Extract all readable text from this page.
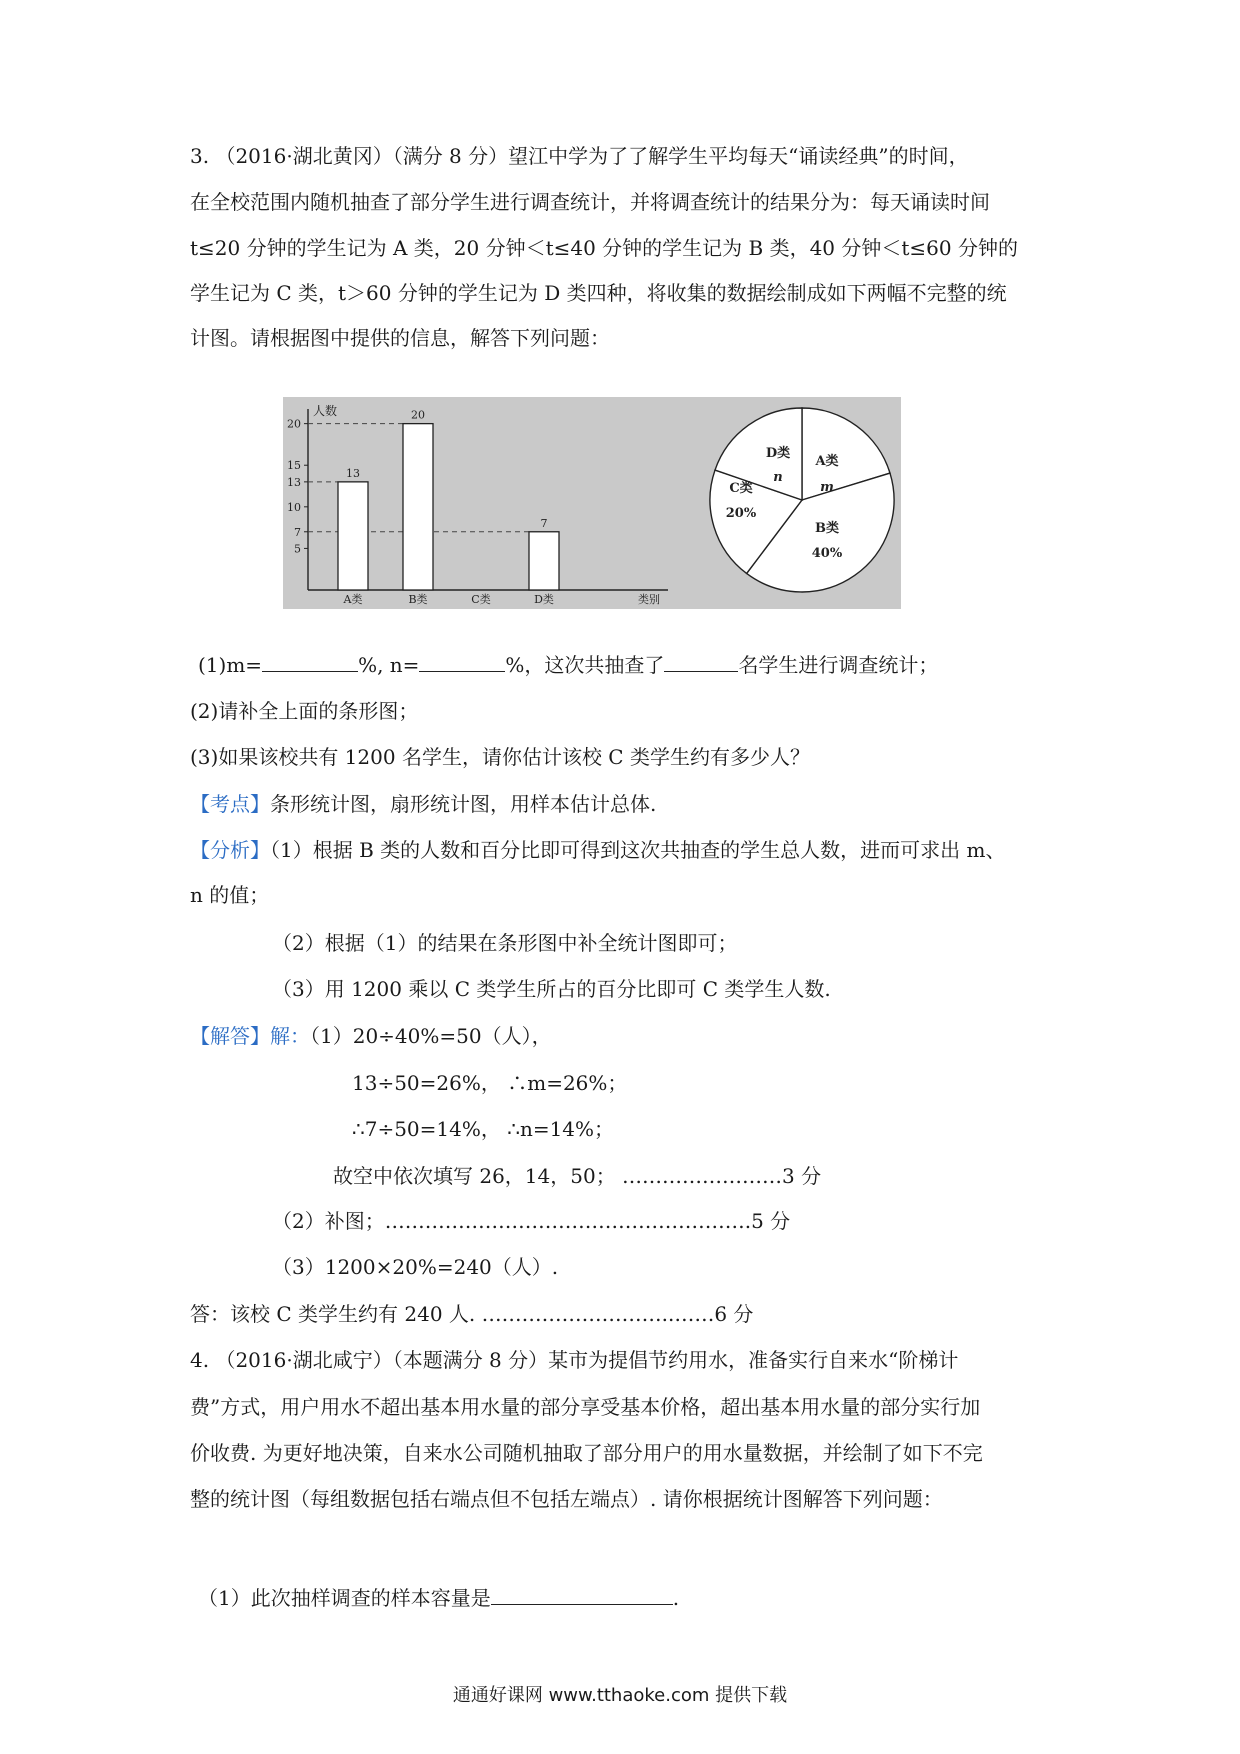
3. （2016·湖北黄冈）（满分 8 分）望江中学为了了解学生平均每天“诵读经典”的时间，
在全校范围内随机抽查了部分学生进行调查统计，并将调查统计的结果分为：每天诵读时间
t≤20 分钟的学生记为 A 类，20 分钟＜t≤40 分钟的学生记为 B 类，40 分钟＜t≤60 分钟的
学生记为 C 类，t＞60 分钟的学生记为 D 类四种，将收集的数据绘制成如下两幅不完整的统
计图。请根据图中提供的信息，解答下列问题：
人数
类别
5
7
10
13
15
20
13
20
7
A类	B类	C类	D类
A类
m
B类
40%
C类
20%
D类
n
(1)m=	%, n=	%，这次共抽查了	名学生进行调查统计；
(2)请补全上面的条形图；
(3)如果该校共有 1200 名学生，请你估计该校 C 类学生约有多少人？
【考点】条形统计图，扇形统计图，用样本估计总体.
【分析】（1）根据 B 类的人数和百分比即可得到这次共抽查的学生总人数，进而可求出 m、
n 的值；
（2）根据（1）的结果在条形图中补全统计图即可；
（3）用 1200 乘以 C 类学生所占的百分比即可 C 类学生人数.
【解答】解：（1）20÷40%=50（人），
13÷50=26%， ∴m=26%；
∴7÷50=14%， ∴n=14%；
故空中依次填写 26，14，50； ……………………3 分
（2）补图；……………………………………………….5 分
（3）1200×20%=240（人）.
答：该校 C 类学生约有 240 人. ………………………..……6 分
4. （2016·湖北咸宁）（本题满分 8 分）某市为提倡节约用水，准备实行自来水“阶梯计
费”方式，用户用水不超出基本用水量的部分享受基本价格，超出基本用水量的部分实行加
价收费. 为更好地决策，自来水公司随机抽取了部分用户的用水量数据，并绘制了如下不完
整的统计图（每组数据包括右端点但不包括左端点）. 请你根据统计图解答下列问题：
（1）此次抽样调查的样本容量是	.
通通好课网 www.tthaoke.com 提供下载
